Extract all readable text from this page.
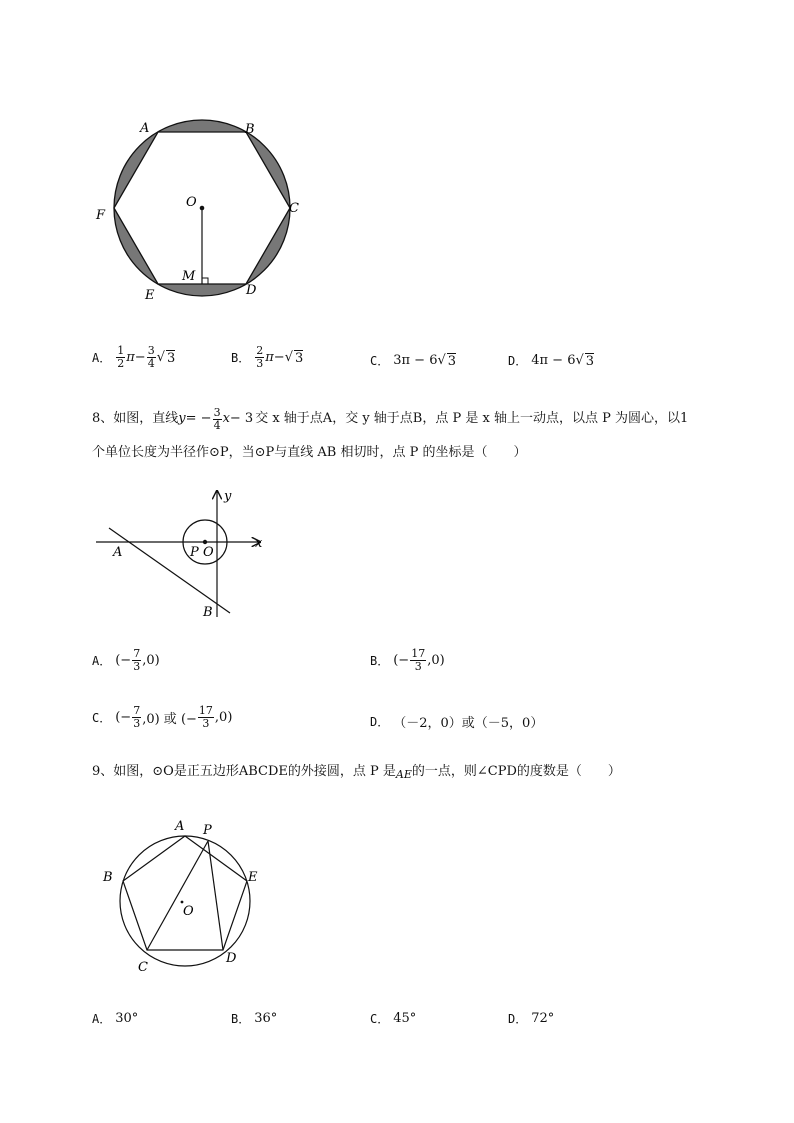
A	B
C
D
E
F
O
M
A． $\frac{1}{2}$ $\pi - \frac{3}{4}$ √ 3	B． $\frac{2}{3}$ π − √ 3	C． 3π − 6 √ 3	D． 4π − 6 √ 3
8、如图，直线 y = − $\frac{3}{4}$ x − 3 交 x 轴于点A，交 y 轴于点B，点 P 是 x 轴上一动点，以点 P 为圆心，以1
个单位长度为半径作⊙P，当⊙P与直线 AB 相切时，点 P 的坐标是（　　）
y
x
A	P O
B
A． (− $\frac{7}{3} ,0$)	B． (− $\frac{17}{3} ,0$)
C． (− $\frac{7}{3} ,0$) 或 (− $\frac{17}{3} ,0$)	D． （－2，0）或（－5，0）
9、如图，⊙O是正五边形ABCDE的外接圆，点 P 是 AE 的一点，则∠CPD的度数是（　　）
A P
B	E
O
C
D
A． 30°	B． 36°	C． 45°	D． 72°
